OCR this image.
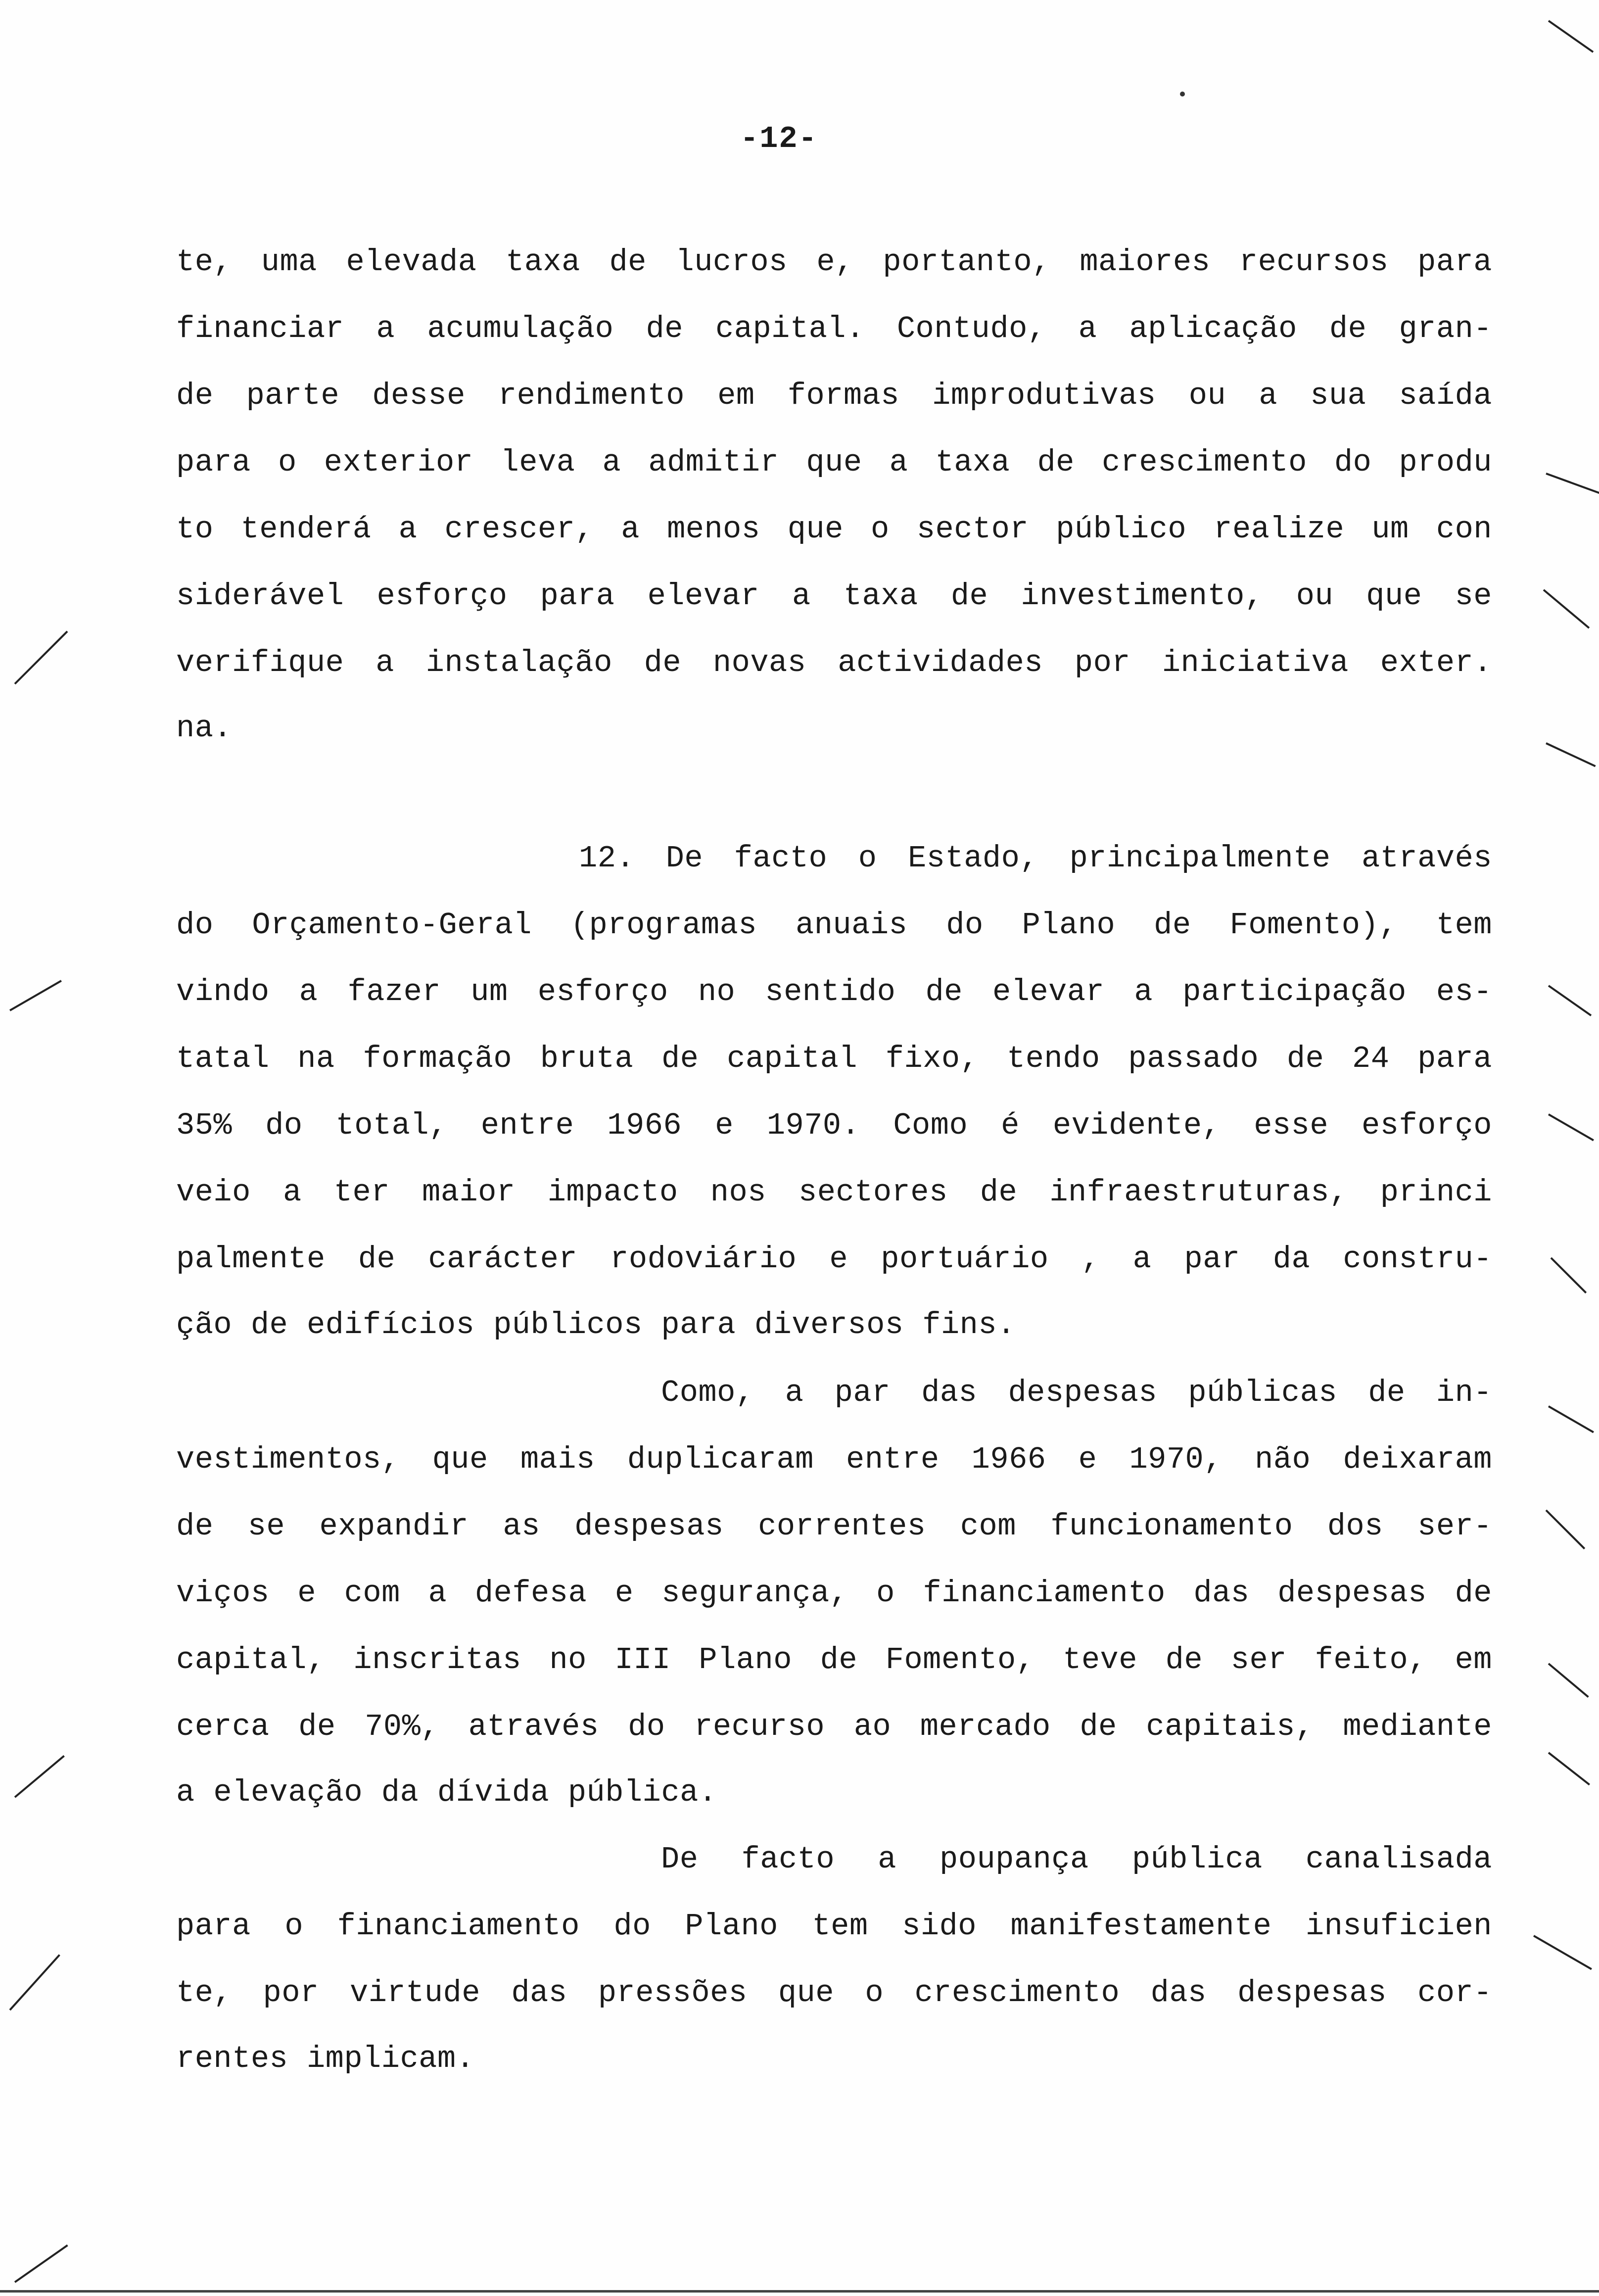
-12-
te, uma elevada taxa de lucros e, portanto, maiores recursos para
financiar a acumulação de capital. Contudo, a aplicação de gran-
de parte desse rendimento em formas improdutivas ou a sua saída
para o exterior leva a admitir que a taxa de crescimento do produ
to tenderá a crescer, a menos que o sector público realize um con
siderável esforço para elevar a taxa de investimento, ou que se
verifique a instalação de novas actividades por iniciativa exter.
na.
12. De facto o Estado, principalmente através
do Orçamento-Geral (programas anuais do Plano de Fomento), tem
vindo a fazer um esforço no sentido de elevar a participação es-
tatal na formação bruta de capital fixo, tendo passado de 24 para
35% do total, entre 1966 e 1970. Como é evidente, esse esforço
veio a ter maior impacto nos sectores de infraestruturas, princi
palmente de carácter rodoviário e portuário , a par da constru-
ção de edifícios públicos para diversos fins.
Como, a par das despesas públicas de in-
vestimentos, que mais duplicaram entre 1966 e 1970, não deixaram
de se expandir as despesas correntes com funcionamento dos ser-
viços e com a defesa e segurança, o financiamento das despesas de
capital, inscritas no III Plano de Fomento, teve de ser feito, em
cerca de 70%, através do recurso ao mercado de capitais, mediante
a elevação da dívida pública.
De facto a poupança pública canalisada
para o financiamento do Plano tem sido manifestamente insuficien
te, por virtude das pressões que o crescimento das despesas cor-
rentes implicam.
